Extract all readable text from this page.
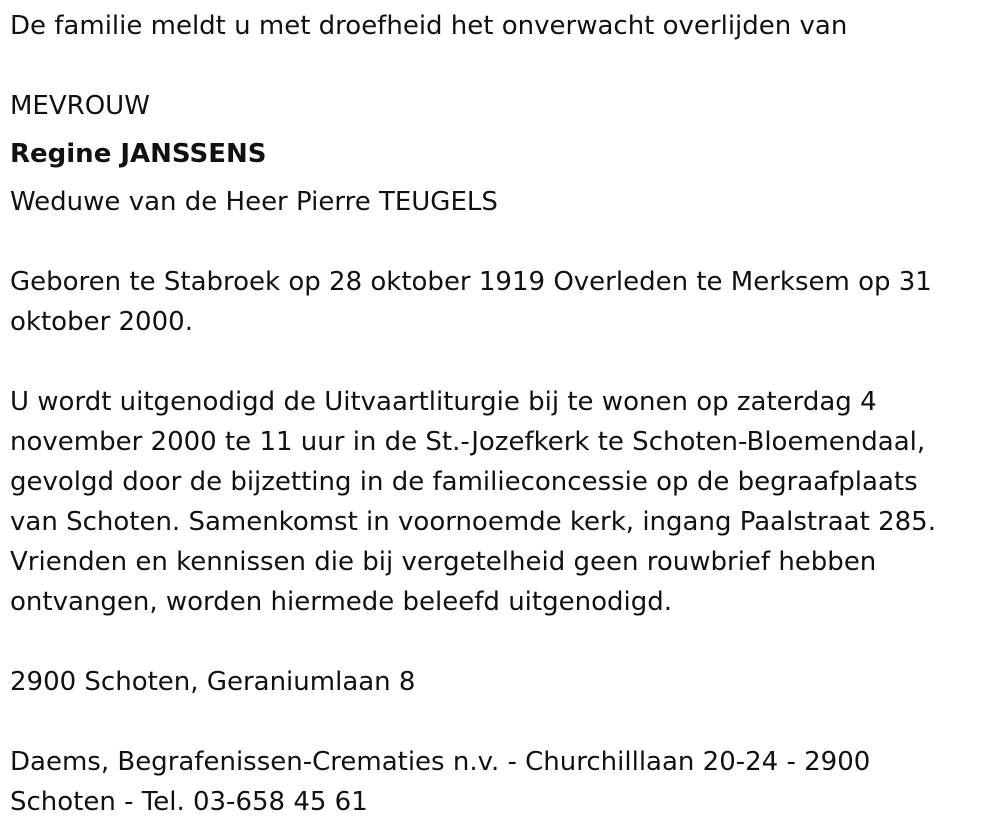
De familie meldt u met droefheid het onverwacht overlijden van

MEVROUW

Regine JANSSENS

Weduwe van de Heer Pierre TEUGELS

Geboren te Stabroek op 28 oktober 1919 Overleden te Merksem op 31

oktober 2000.

U wordt uitgenodigd de Uitvaartliturgie bij te wonen op zaterdag 4

november 2000 te 11 uur in de St.-Jozefkerk te Schoten-Bloemendaal,

gevolgd door de bijzetting in de familieconcessie op de begraafplaats

van Schoten. Samenkomst in voornoemde kerk, ingang Paalstraat 285.

Vrienden en kennissen die bij vergetelheid geen rouwbrief hebben

ontvangen, worden hiermede beleefd uitgenodigd.

2900 Schoten, Geraniumlaan 8

Daems, Begrafenissen-Crematies n.v. - Churchilllaan 20-24 - 2900

Schoten - Tel. 03-658 45 61
